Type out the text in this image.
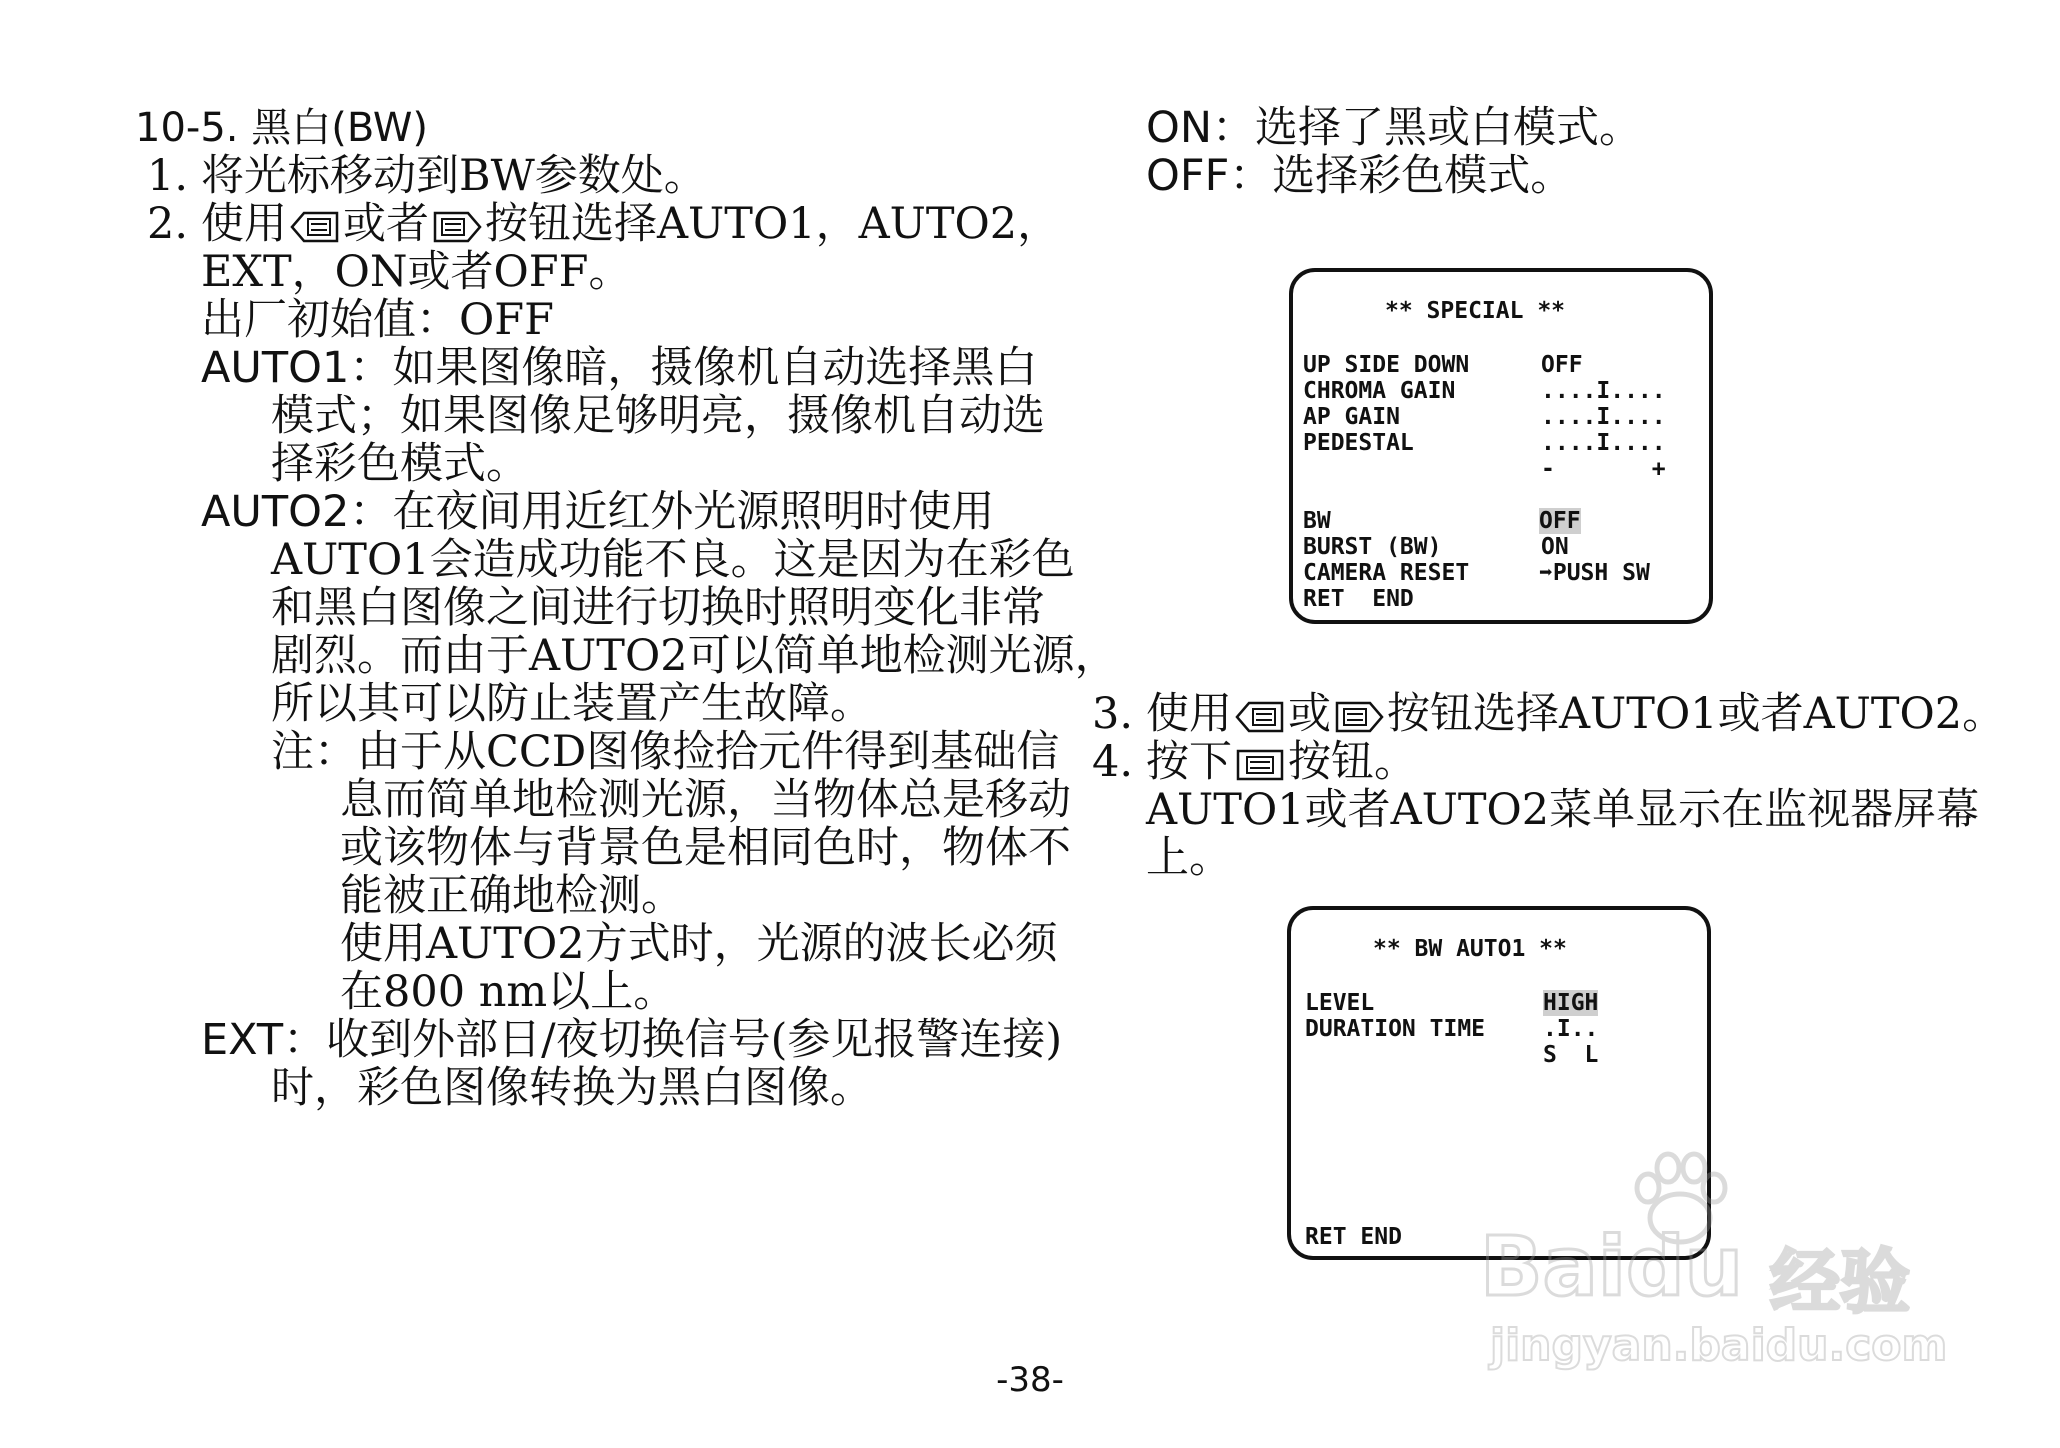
10-5. 黑白(BW)
1. 将光标移动到BW参数处。
2. 使用 或者 按钮选择AUTO1，AUTO2，
EXT，ON或者OFF。
出厂初始值：OFF
AUTO1：如果图像暗，摄像机自动选择黑白
模式；如果图像足够明亮，摄像机自动选
择彩色模式。
AUTO2：在夜间用近红外光源照明时使用
AUTO1会造成功能不良。这是因为在彩色
和黑白图像之间进行切换时照明变化非常
剧烈。而由于AUTO2可以简单地检测光源，
所以其可以防止装置产生故障。
注：由于从CCD图像捡拾元件得到基础信
息而简单地检测光源，当物体总是移动
或该物体与背景色是相同色时，物体不
能被正确地检测。
使用AUTO2方式时，光源的波长必须
在800 nm以上。
EXT：收到外部日/夜切换信号(参见报警连接)
时，彩色图像转换为黑白图像。
ON：选择了黑或白模式。
OFF：选择彩色模式。
3. 使用 或 按钮选择AUTO1或者AUTO2。
4. 按下 按钮。
AUTO1或者AUTO2菜单显示在监视器屏幕
上。
** SPECIAL **
UP SIDE DOWN	OFF
CHROMA GAIN	....I....
AP GAIN	....I....
PEDESTAL	....I....
-       +
BW	OFF
BURST (BW)	ON
CAMERA RESET	➡PUSH SW
RET  END
** BW AUTO1 **
LEVEL	HIGH
DURATION TIME	.I..
S  L
RET END
-38-
Baidu 经验
jingyan.baidu.com
